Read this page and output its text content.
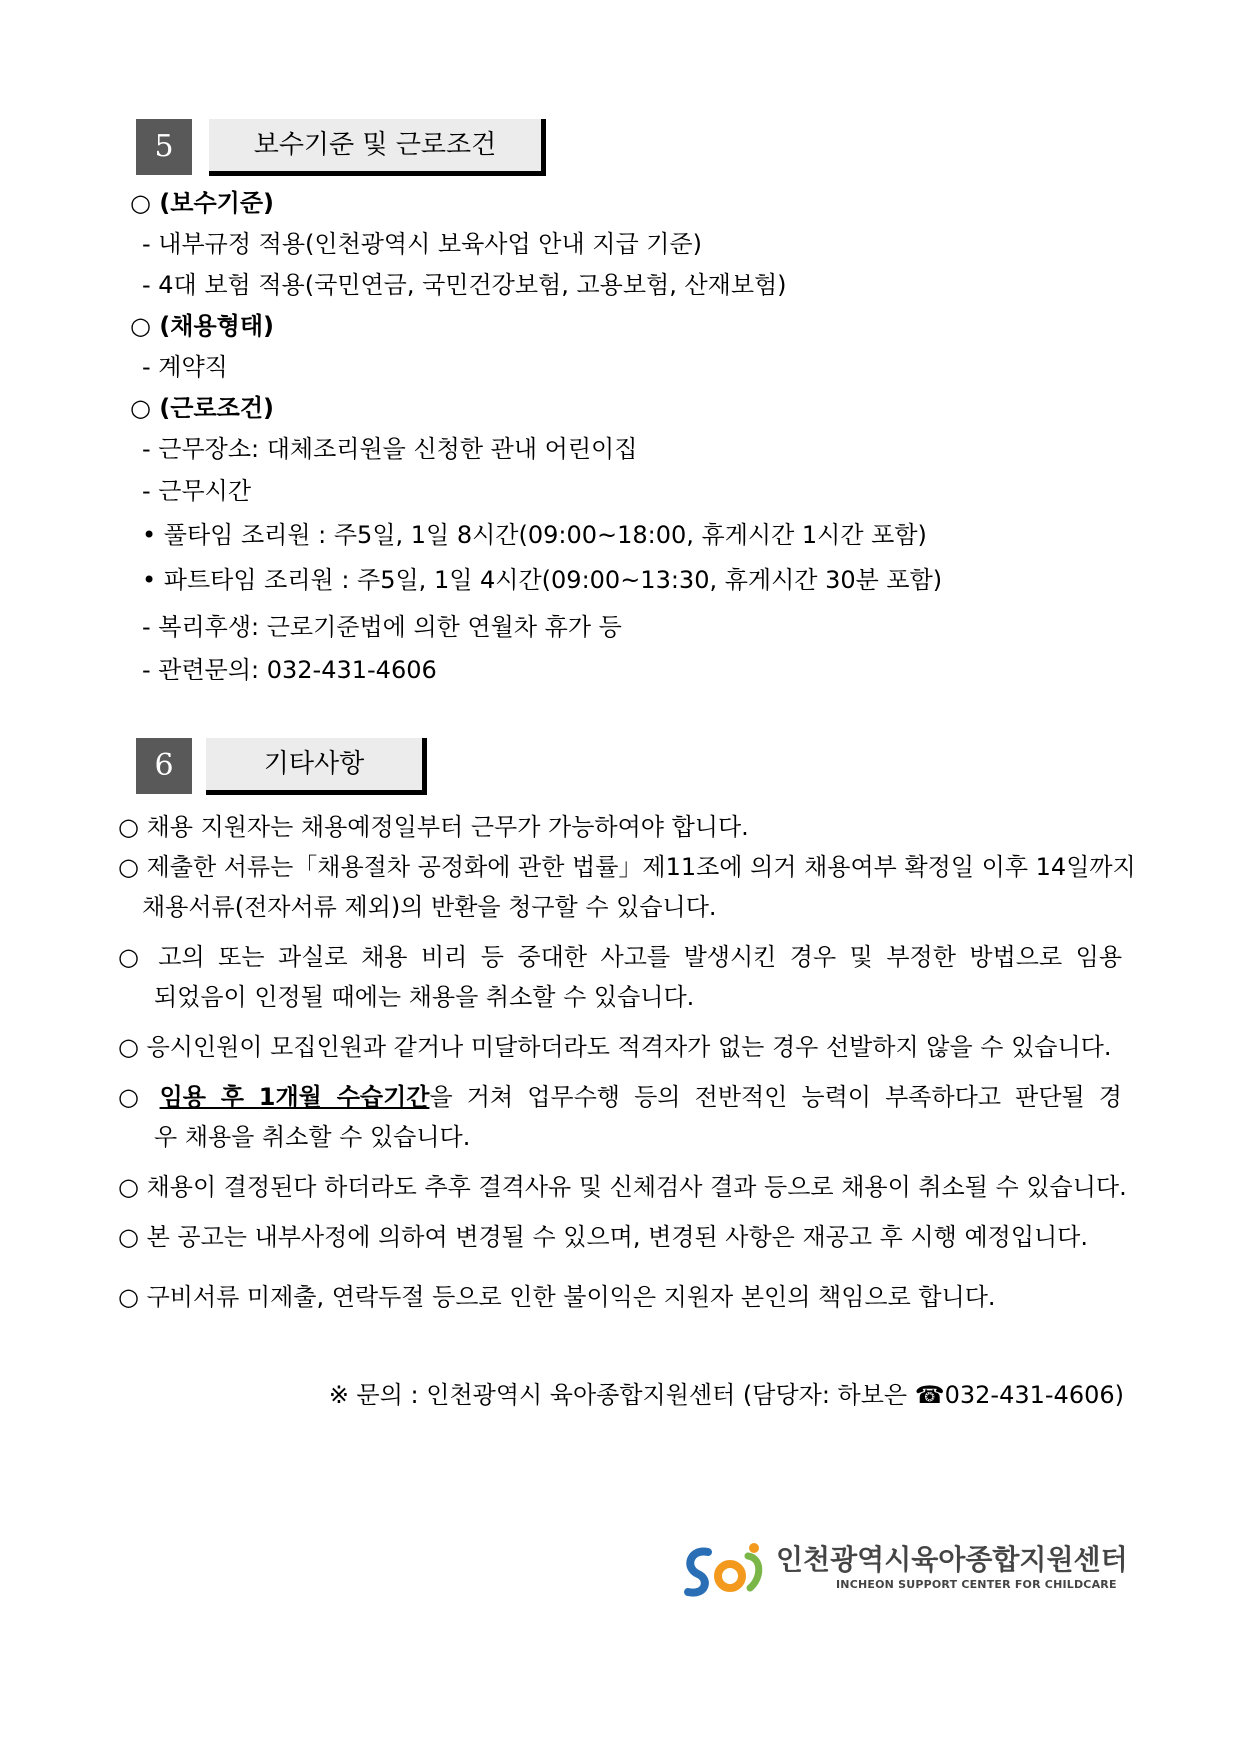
5	보수기준 및 근로조건
○ (보수기준)
- 내부규정 적용(인천광역시 보육사업 안내 지급 기준)
- 4대 보험 적용(국민연금, 국민건강보험, 고용보험, 산재보험)
○ (채용형태)
- 계약직
○ (근로조건)
- 근무장소: 대체조리원을 신청한 관내 어린이집
- 근무시간
• 풀타임 조리원 : 주5일, 1일 8시간(09:00~18:00, 휴게시간 1시간 포함)
• 파트타임 조리원 : 주5일, 1일 4시간(09:00~13:30, 휴게시간 30분 포함)
- 복리후생: 근로기준법에 의한 연월차 휴가 등
- 관련문의: 032-431-4606
6	기타사항
○ 채용 지원자는 채용예정일부터 근무가 가능하여야 합니다.
○ 제출한 서류는「채용절차 공정화에 관한 법률」제11조에 의거 채용여부 확정일 이후 14일까지
채용서류(전자서류 제외)의 반환을 청구할 수 있습니다.
○ 고의 또는 과실로 채용 비리 등 중대한 사고를 발생시킨 경우 및 부정한 방법으로 임용
되었음이 인정될 때에는 채용을 취소할 수 있습니다.
○ 응시인원이 모집인원과 같거나 미달하더라도 적격자가 없는 경우 선발하지 않을 수 있습니다.
○ 임용 후 1개월 수습기간을 거쳐 업무수행 등의 전반적인 능력이 부족하다고 판단될 경
우 채용을 취소할 수 있습니다.
○ 채용이 결정된다 하더라도 추후 결격사유 및 신체검사 결과 등으로 채용이 취소될 수 있습니다.
○ 본 공고는 내부사정에 의하여 변경될 수 있으며, 변경된 사항은 재공고 후 시행 예정입니다.
○ 구비서류 미제출, 연락두절 등으로 인한 불이익은 지원자 본인의 책임으로 합니다.
※ 문의 : 인천광역시 육아종합지원센터 (담당자: 하보은 ☎032-431-4606)
인천광역시육아종합지원센터
INCHEON SUPPORT CENTER FOR CHILDCARE
